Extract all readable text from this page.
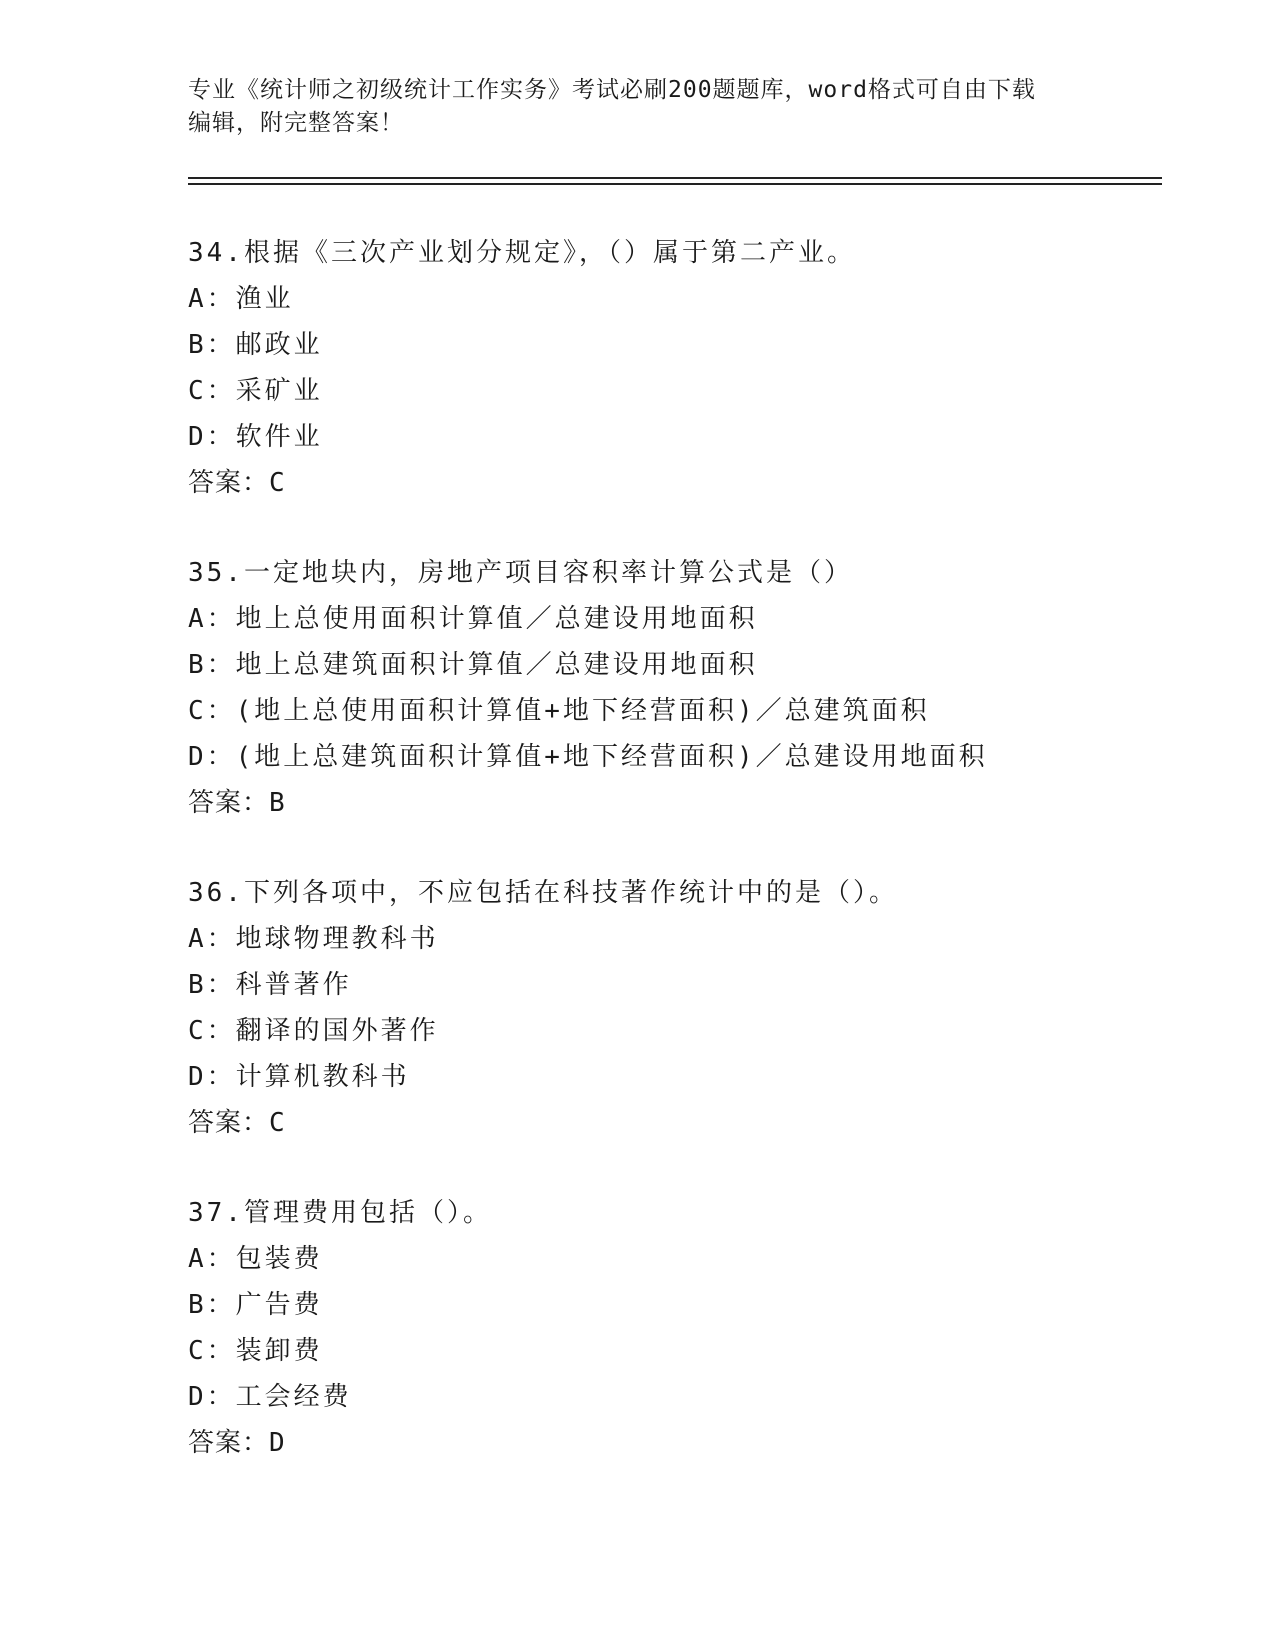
专业《统计师之初级统计工作实务》考试必刷200题题库，word格式可自由下载
编辑，附完整答案！
34.根据《三次产业划分规定》，（）属于第二产业。
A：渔业
B：邮政业
C：采矿业
D：软件业
答案：C
35.一定地块内，房地产项目容积率计算公式是（）
A：地上总使用面积计算值／总建设用地面积
B：地上总建筑面积计算值／总建设用地面积
C：(地上总使用面积计算值+地下经营面积)／总建筑面积
D：(地上总建筑面积计算值+地下经营面积)／总建设用地面积
答案：B
36.下列各项中，不应包括在科技著作统计中的是（）。
A：地球物理教科书
B：科普著作
C：翻译的国外著作
D：计算机教科书
答案：C
37.管理费用包括（）。
A：包装费
B：广告费
C：装卸费
D：工会经费
答案：D
